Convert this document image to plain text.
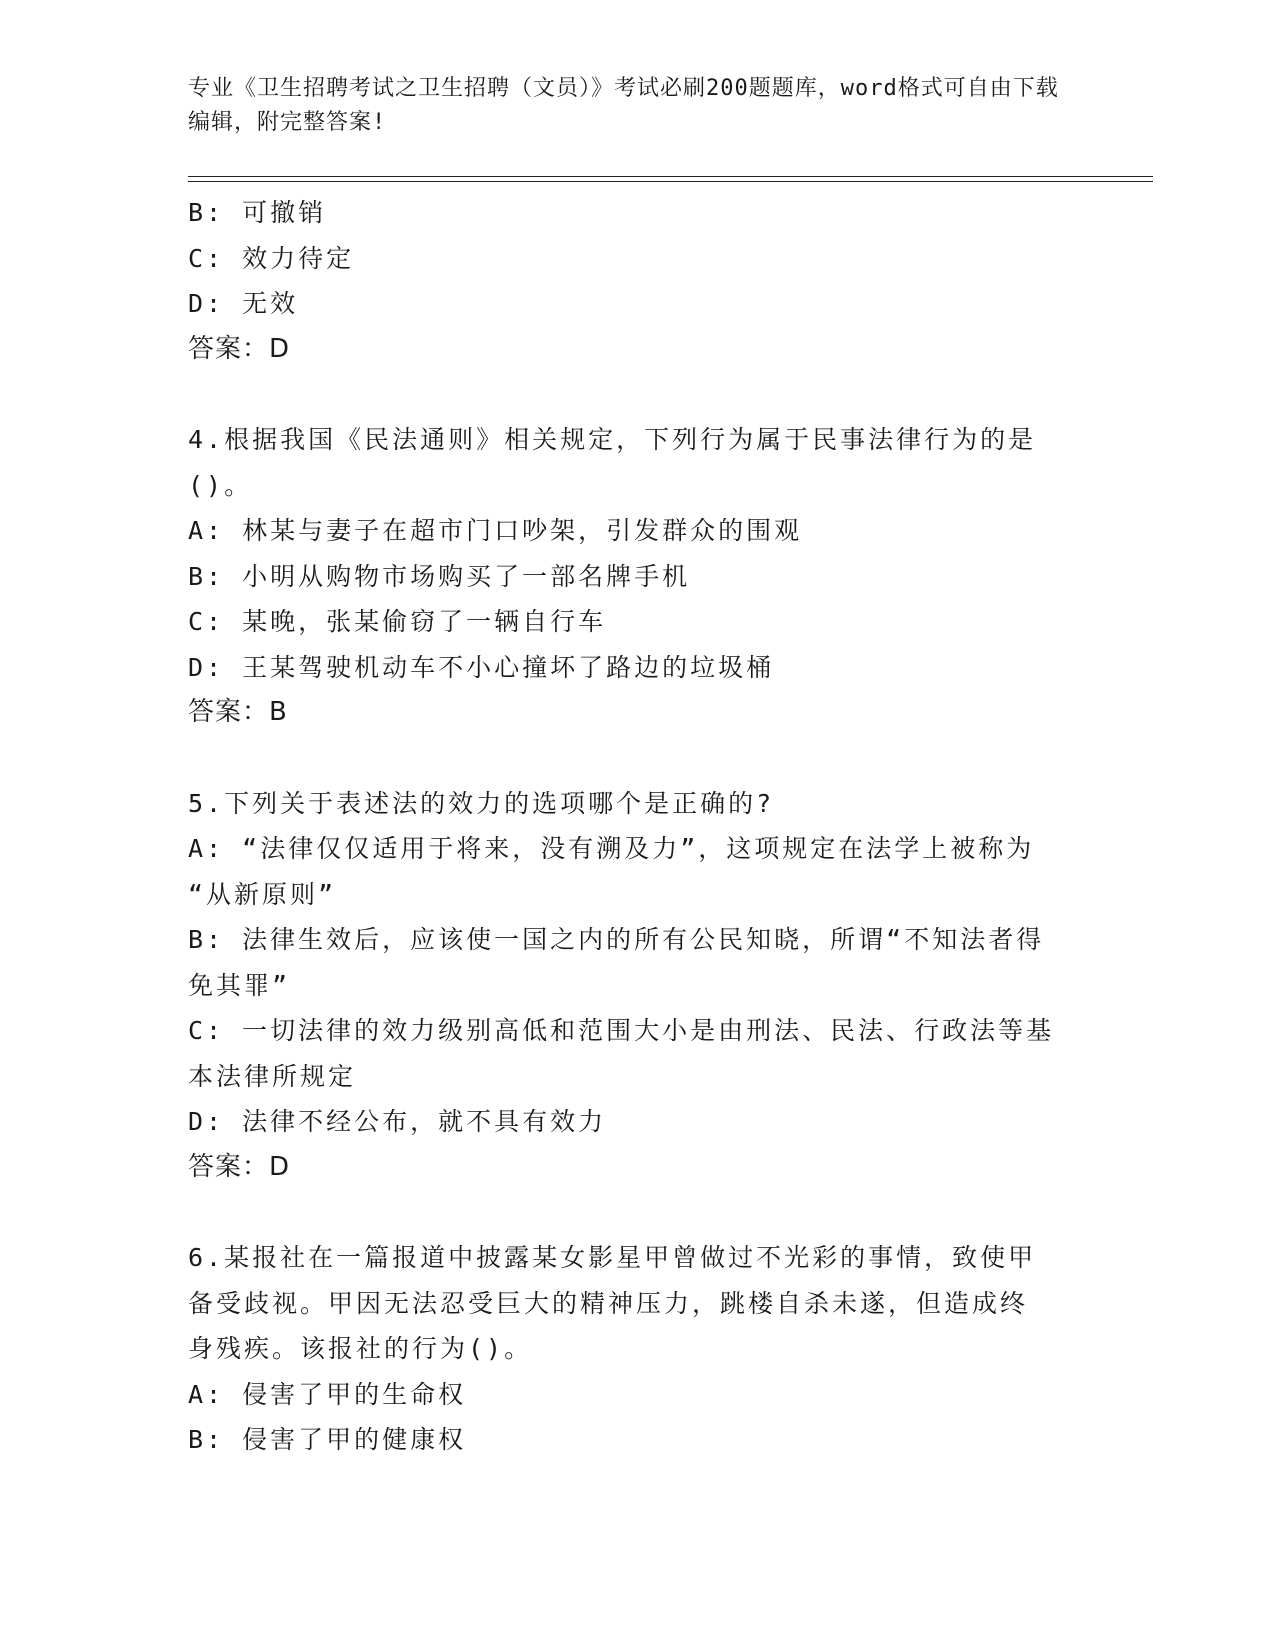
专业《卫生招聘考试之卫生招聘（文员）》考试必刷200题题库，word格式可自由下载编辑，附完整答案!

B: 可撤销

C: 效力待定

D: 无效

答案：D

4.根据我国《民法通则》相关规定，下列行为属于民事法律行为的是

()。

A: 林某与妻子在超市门口吵架，引发群众的围观

B: 小明从购物市场购买了一部名牌手机

C: 某晚，张某偷窃了一辆自行车

D: 王某驾驶机动车不小心撞坏了路边的垃圾桶

答案：B

5.下列关于表述法的效力的选项哪个是正确的?

A: “法律仅仅适用于将来，没有溯及力”，这项规定在法学上被称为

“从新原则”

B: 法律生效后，应该使一国之内的所有公民知晓，所谓“不知法者得

免其罪”

C: 一切法律的效力级别高低和范围大小是由刑法、民法、行政法等基

本法律所规定

D: 法律不经公布，就不具有效力

答案：D

6.某报社在一篇报道中披露某女影星甲曾做过不光彩的事情，致使甲

备受歧视。甲因无法忍受巨大的精神压力，跳楼自杀未遂，但造成终

身残疾。该报社的行为()。

A: 侵害了甲的生命权

B: 侵害了甲的健康权
